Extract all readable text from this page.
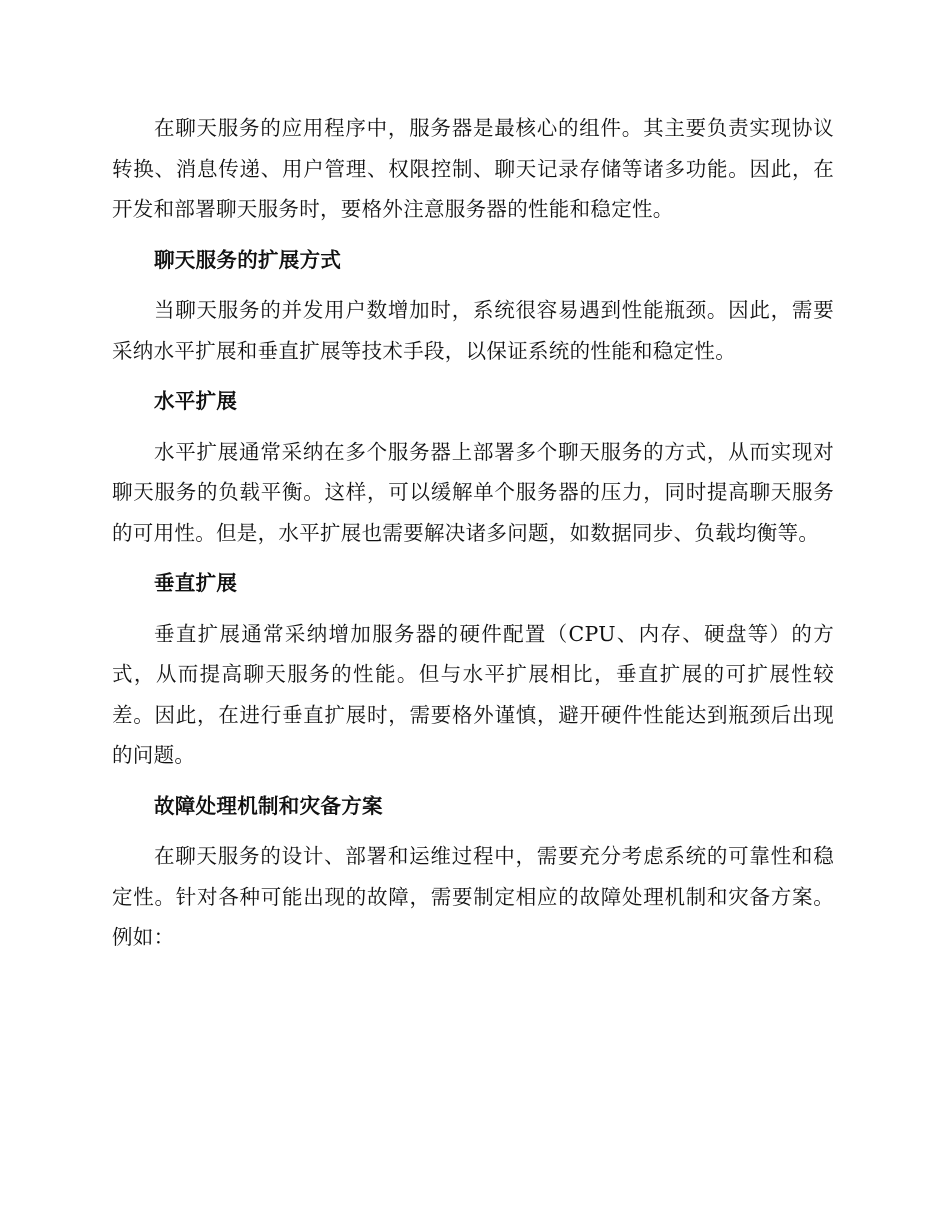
在聊天服务的应用程序中，服务器是最核心的组件。其主要负责实现协议转换、消息传递、用户管理、权限控制、聊天记录存储等诸多功能。因此，在开发和部署聊天服务时，要格外注意服务器的性能和稳定性。

聊天服务的扩展方式

当聊天服务的并发用户数增加时，系统很容易遇到性能瓶颈。因此，需要采纳水平扩展和垂直扩展等技术手段，以保证系统的性能和稳定性。

水平扩展

水平扩展通常采纳在多个服务器上部署多个聊天服务的方式，从而实现对聊天服务的负载平衡。这样，可以缓解单个服务器的压力，同时提高聊天服务的可用性。但是，水平扩展也需要解决诸多问题，如数据同步、负载均衡等。

垂直扩展

垂直扩展通常采纳增加服务器的硬件配置（CPU、内存、硬盘等）的方式，从而提高聊天服务的性能。但与水平扩展相比，垂直扩展的可扩展性较差。因此，在进行垂直扩展时，需要格外谨慎，避开硬件性能达到瓶颈后出现的问题。

故障处理机制和灾备方案

在聊天服务的设计、部署和运维过程中，需要充分考虑系统的可靠性和稳定性。针对各种可能出现的故障，需要制定相应的故障处理机制和灾备方案。例如：
